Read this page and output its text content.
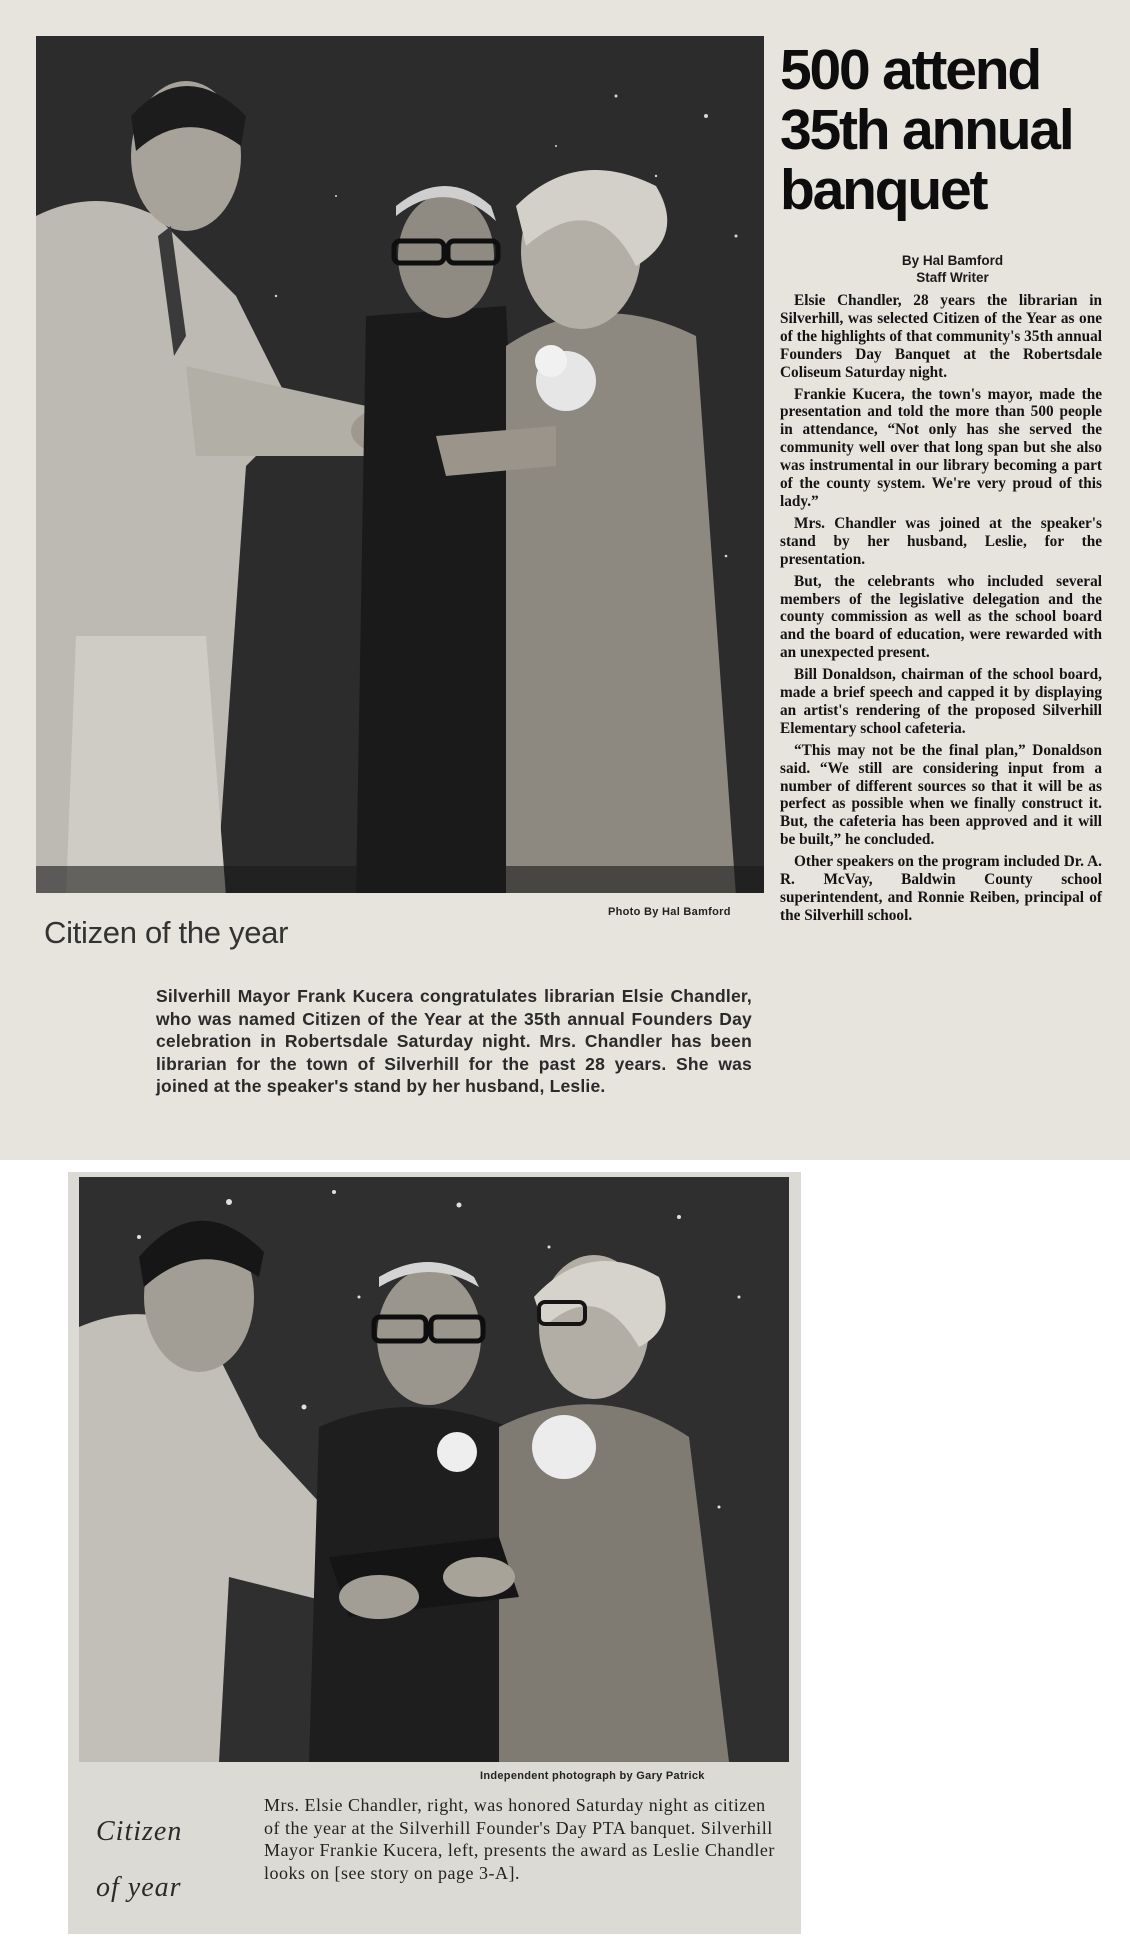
Photo By Hal Bamford
Citizen of the year
Silverhill Mayor Frank Kucera congratulates librarian Elsie Chandler, who was named Citizen of the Year at the 35th annual Founders Day celebration in Robertsdale Saturday night. Mrs. Chandler has been librarian for the town of Silverhill for the past 28 years. She was joined at the speaker's stand by her husband, Leslie.
500 attend 35th annual banquet
By Hal Bamford
Staff Writer

Elsie Chandler, 28 years the librarian in Silverhill, was selected Citizen of the Year as one of the highlights of that community's 35th annual Founders Day Banquet at the Robertsdale Coliseum Saturday night.

Frankie Kucera, the town's mayor, made the presentation and told the more than 500 people in attendance, “Not only has she served the community well over that long span but she also was instrumental in our library becoming a part of the county system. We're very proud of this lady.”

Mrs. Chandler was joined at the speaker's stand by her husband, Leslie, for the presentation.

But, the celebrants who included several members of the legislative delegation and the county commission as well as the school board and the board of education, were rewarded with an unexpected present.

Bill Donaldson, chairman of the school board, made a brief speech and capped it by displaying an artist's rendering of the proposed Silverhill Elementary school cafeteria.

“This may not be the final plan,” Donaldson said. “We still are considering input from a number of different sources so that it will be as perfect as possible when we finally construct it. But, the cafeteria has been approved and it will be built,” he concluded.

Other speakers on the program included Dr. A. R. McVay, Baldwin County school superintendent, and Ronnie Reiben, principal of the Silverhill school.

Independent photograph by Gary Patrick
Citizen
of year
Mrs. Elsie Chandler, right, was honored Saturday night as citizen of the year at the Silverhill Founder's Day PTA banquet. Silverhill Mayor Frankie Kucera, left, presents the award as Leslie Chandler looks on [see story on page 3-A].
